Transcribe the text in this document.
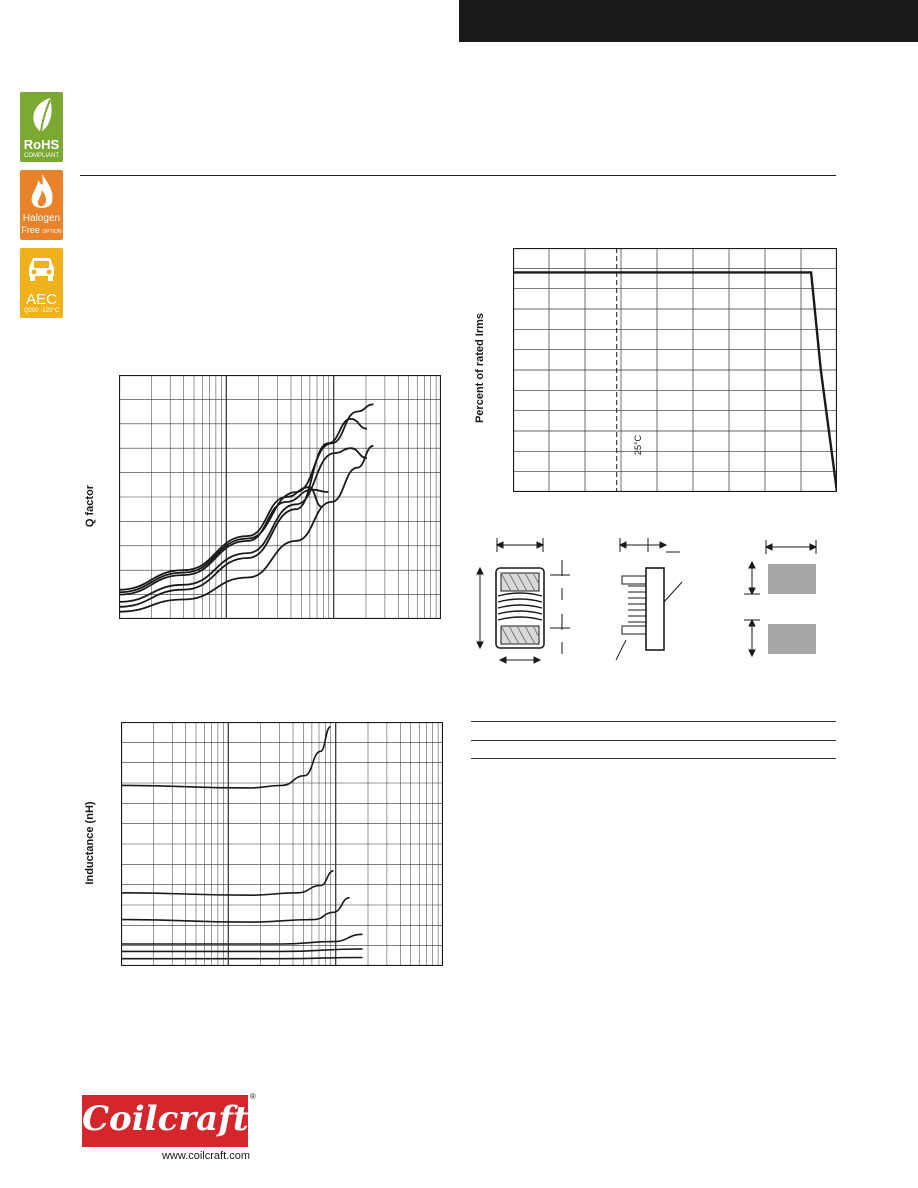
RoHS
COMPLIANT
Halogen
Free OPTION
AEC
Q200 -125°C
Q factor
Inductance (nH)
Percent of rated Irms
25°C
Coilcraft
®
www.coilcraft.com
